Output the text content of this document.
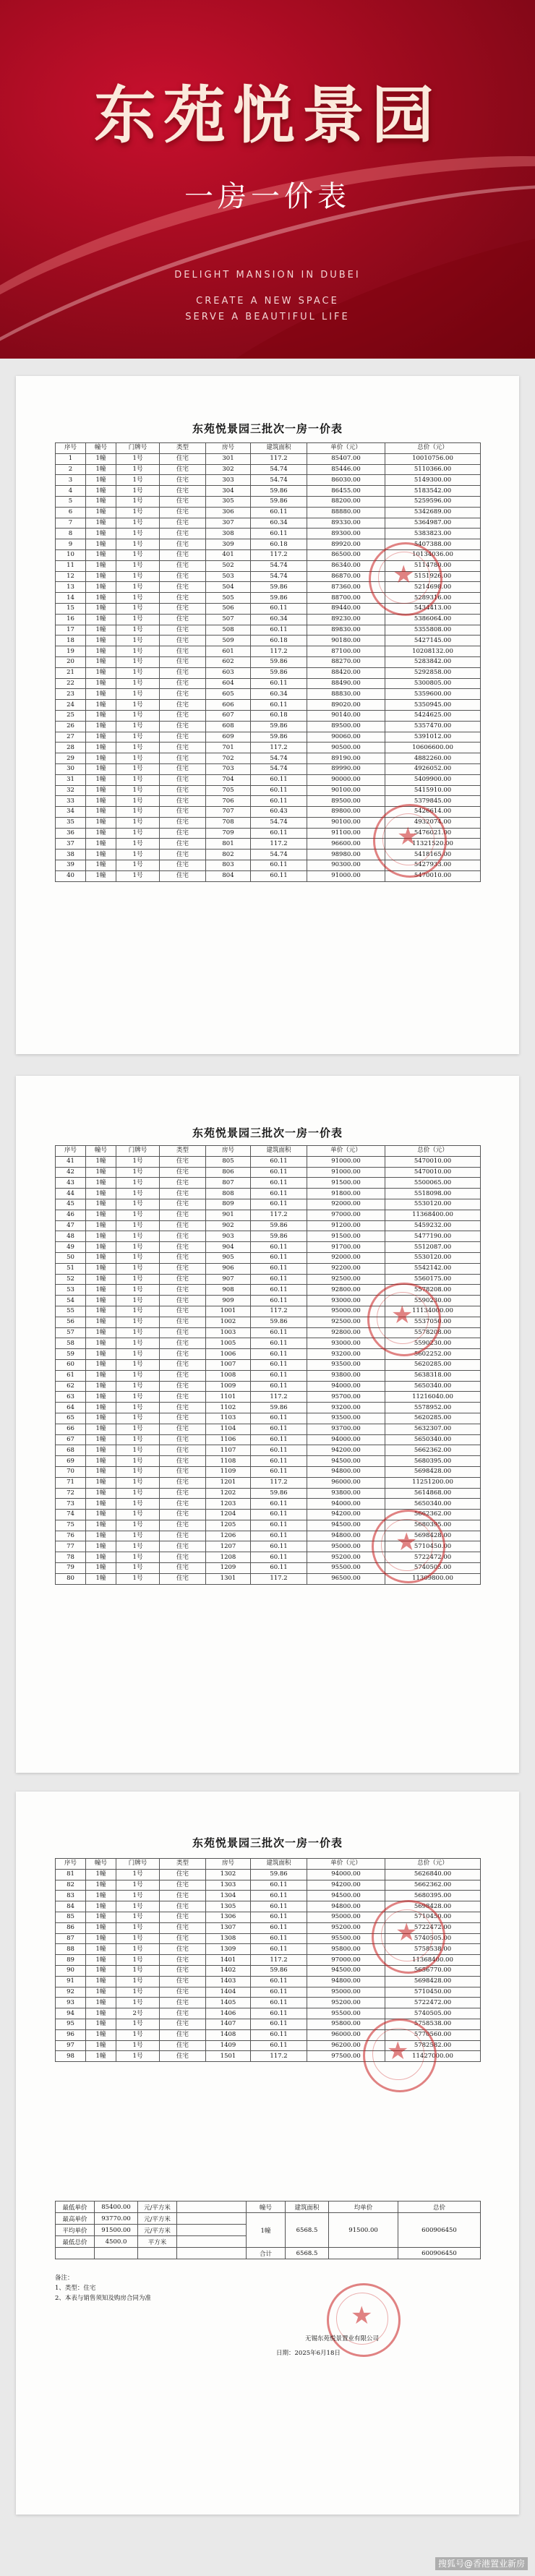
东苑悦景园
一房一价表
DELIGHT MANSION IN DUBEI
CREATE A NEW SPACE
SERVE A BEAUTIFUL LIFE
东苑悦景园三批次一房一价表
序号	幢号	门牌号	类型	房号	建筑面积	单价（元）	总价（元）
1	1幢	1号	住宅	301	117.2	85407.00	10010756.00
2	1幢	1号	住宅	302	54.74	85446.00	5110366.00
3	1幢	1号	住宅	303	54.74	86030.00	5149300.00
4	1幢	1号	住宅	304	59.86	86455.00	5183542.00
5	1幢	1号	住宅	305	59.86	88200.00	5259596.00
6	1幢	1号	住宅	306	60.11	88880.00	5342689.00
7	1幢	1号	住宅	307	60.34	89330.00	5364987.00
8	1幢	1号	住宅	308	60.11	89300.00	5383823.00
9	1幢	1号	住宅	309	60.18	89920.00	5407388.00
10	1幢	1号	住宅	401	117.2	86500.00	10134036.00
11	1幢	1号	住宅	502	54.74	86340.00	5114780.00
12	1幢	1号	住宅	503	54.74	86870.00	5151926.00
13	1幢	1号	住宅	504	59.86	87360.00	5214698.00
14	1幢	1号	住宅	505	59.86	88700.00	5289316.00
15	1幢	1号	住宅	506	60.11	89440.00	5434413.00
16	1幢	1号	住宅	507	60.34	89230.00	5386064.00
17	1幢	1号	住宅	508	60.11	89830.00	5355808.00
18	1幢	1号	住宅	509	60.18	90180.00	5427145.00
19	1幢	1号	住宅	601	117.2	87100.00	10208132.00
20	1幢	1号	住宅	602	59.86	88270.00	5283842.00
21	1幢	1号	住宅	603	59.86	88420.00	5292858.00
22	1幢	1号	住宅	604	60.11	88490.00	5300805.00
23	1幢	1号	住宅	605	60.34	88830.00	5359600.00
24	1幢	1号	住宅	606	60.11	89020.00	5350945.00
25	1幢	1号	住宅	607	60.18	90140.00	5424625.00
26	1幢	1号	住宅	608	59.86	89500.00	5357470.00
27	1幢	1号	住宅	609	59.86	90060.00	5391012.00
28	1幢	1号	住宅	701	117.2	90500.00	10606600.00
29	1幢	1号	住宅	702	54.74	89190.00	4882260.00
30	1幢	1号	住宅	703	54.74	89990.00	4926052.00
31	1幢	1号	住宅	704	60.11	90000.00	5409900.00
32	1幢	1号	住宅	705	60.11	90100.00	5415910.00
33	1幢	1号	住宅	706	60.11	89500.00	5379845.00
34	1幢	1号	住宅	707	60.43	89800.00	5426614.00
35	1幢	1号	住宅	708	54.74	90100.00	4932074.00
36	1幢	1号	住宅	709	60.11	91100.00	5476021.00
37	1幢	1号	住宅	801	117.2	96600.00	11321520.00
38	1幢	1号	住宅	802	54.74	98980.00	5418165.00
39	1幢	1号	住宅	803	60.11	90300.00	5427933.00
40	1幢	1号	住宅	804	60.11	91000.00	5470010.00
★
★
东苑悦景园三批次一房一价表
序号	幢号	门牌号	类型	房号	建筑面积	单价（元）	总价（元）
41	1幢	1号	住宅	805	60.11	91000.00	5470010.00
42	1幢	1号	住宅	806	60.11	91000.00	5470010.00
43	1幢	1号	住宅	807	60.11	91500.00	5500065.00
44	1幢	1号	住宅	808	60.11	91800.00	5518098.00
45	1幢	1号	住宅	809	60.11	92000.00	5530120.00
46	1幢	1号	住宅	901	117.2	97000.00	11368400.00
47	1幢	1号	住宅	902	59.86	91200.00	5459232.00
48	1幢	1号	住宅	903	59.86	91500.00	5477190.00
49	1幢	1号	住宅	904	60.11	91700.00	5512087.00
50	1幢	1号	住宅	905	60.11	92000.00	5530120.00
51	1幢	1号	住宅	906	60.11	92200.00	5542142.00
52	1幢	1号	住宅	907	60.11	92500.00	5560175.00
53	1幢	1号	住宅	908	60.11	92800.00	5578208.00
54	1幢	1号	住宅	909	60.11	93000.00	5590230.00
55	1幢	1号	住宅	1001	117.2	95000.00	11134000.00
56	1幢	1号	住宅	1002	59.86	92500.00	5537050.00
57	1幢	1号	住宅	1003	60.11	92800.00	5578208.00
58	1幢	1号	住宅	1005	60.11	93000.00	5590230.00
59	1幢	1号	住宅	1006	60.11	93200.00	5602252.00
60	1幢	1号	住宅	1007	60.11	93500.00	5620285.00
61	1幢	1号	住宅	1008	60.11	93800.00	5638318.00
62	1幢	1号	住宅	1009	60.11	94000.00	5650340.00
63	1幢	1号	住宅	1101	117.2	95700.00	11216040.00
64	1幢	1号	住宅	1102	59.86	93200.00	5578952.00
65	1幢	1号	住宅	1103	60.11	93500.00	5620285.00
66	1幢	1号	住宅	1104	60.11	93700.00	5632307.00
67	1幢	1号	住宅	1106	60.11	94000.00	5650340.00
68	1幢	1号	住宅	1107	60.11	94200.00	5662362.00
69	1幢	1号	住宅	1108	60.11	94500.00	5680395.00
70	1幢	1号	住宅	1109	60.11	94800.00	5698428.00
71	1幢	1号	住宅	1201	117.2	96000.00	11251200.00
72	1幢	1号	住宅	1202	59.86	93800.00	5614868.00
73	1幢	1号	住宅	1203	60.11	94000.00	5650340.00
74	1幢	1号	住宅	1204	60.11	94200.00	5662362.00
75	1幢	1号	住宅	1205	60.11	94500.00	5680395.00
76	1幢	1号	住宅	1206	60.11	94800.00	5698428.00
77	1幢	1号	住宅	1207	60.11	95000.00	5710450.00
78	1幢	1号	住宅	1208	60.11	95200.00	5722472.00
79	1幢	1号	住宅	1209	60.11	95500.00	5740505.00
80	1幢	1号	住宅	1301	117.2	96500.00	11309800.00
★
★
东苑悦景园三批次一房一价表
序号	幢号	门牌号	类型	房号	建筑面积	单价（元）	总价（元）
81	1幢	1号	住宅	1302	59.86	94000.00	5626840.00
82	1幢	1号	住宅	1303	60.11	94200.00	5662362.00
83	1幢	1号	住宅	1304	60.11	94500.00	5680395.00
84	1幢	1号	住宅	1305	60.11	94800.00	5698428.00
85	1幢	1号	住宅	1306	60.11	95000.00	5710450.00
86	1幢	1号	住宅	1307	60.11	95200.00	5722472.00
87	1幢	1号	住宅	1308	60.11	95500.00	5740505.00
88	1幢	1号	住宅	1309	60.11	95800.00	5758538.00
89	1幢	1号	住宅	1401	117.2	97000.00	11368400.00
90	1幢	1号	住宅	1402	59.86	94500.00	5656770.00
91	1幢	1号	住宅	1403	60.11	94800.00	5698428.00
92	1幢	1号	住宅	1404	60.11	95000.00	5710450.00
93	1幢	1号	住宅	1405	60.11	95200.00	5722472.00
94	1幢	2号	住宅	1406	60.11	95500.00	5740505.00
95	1幢	1号	住宅	1407	60.11	95800.00	5758538.00
96	1幢	1号	住宅	1408	60.11	96000.00	5770560.00
97	1幢	1号	住宅	1409	60.11	96200.00	5782582.00
98	1幢	1号	住宅	1501	117.2	97500.00	11427000.00
★
★
最低单价	85400.00	元/平方米		幢号	建筑面积	均单价	总价
最高单价	93770.00	元/平方米		1幢	6568.5	91500.00	600906450
平均单价	91500.00	元/平方米					
最低总价	4500.0	平方米					
				合计	6568.5		600906450
备注：
1、类型：住宅
2、本表与销售须知及购房合同为准
★
无锡东苑悦景置业有限公司
日期：2025年6月18日
搜狐号@香港置业新房
